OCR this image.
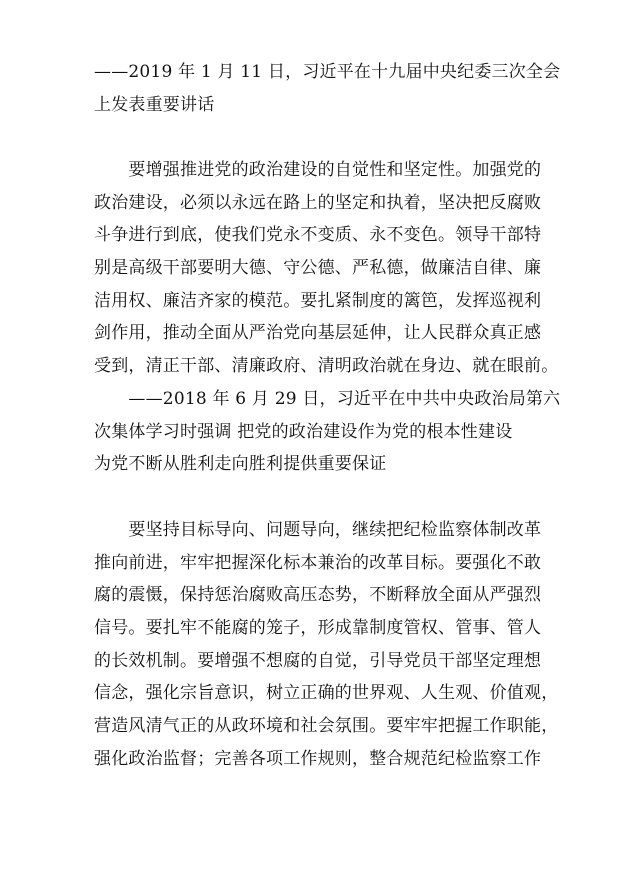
——2019 年 1 月 11 日，习近平在十九届中央纪委三次全会
上发表重要讲话

　　要增强推进党的政治建设的自觉性和坚定性。加强党的
政治建设，必须以永远在路上的坚定和执着，坚决把反腐败
斗争进行到底，使我们党永不变质、永不变色。领导干部特
别是高级干部要明大德、守公德、严私德，做廉洁自律、廉
洁用权、廉洁齐家的模范。要扎紧制度的篱笆，发挥巡视利
剑作用，推动全面从严治党向基层延伸，让人民群众真正感
受到，清正干部、清廉政府、清明政治就在身边、就在眼前。

　　——2018 年 6 月 29 日，习近平在中共中央政治局第六
次集体学习时强调 把党的政治建设作为党的根本性建设
为党不断从胜利走向胜利提供重要保证

　　要坚持目标导向、问题导向，继续把纪检监察体制改革
推向前进，牢牢把握深化标本兼治的改革目标。要强化不敢
腐的震慑，保持惩治腐败高压态势，不断释放全面从严强烈
信号。要扎牢不能腐的笼子，形成靠制度管权、管事、管人
的长效机制。要增强不想腐的自觉，引导党员干部坚定理想
信念，强化宗旨意识，树立正确的世界观、人生观、价值观，
营造风清气正的从政环境和社会氛围。要牢牢把握工作职能，
强化政治监督；完善各项工作规则，整合规范纪检监察工作
